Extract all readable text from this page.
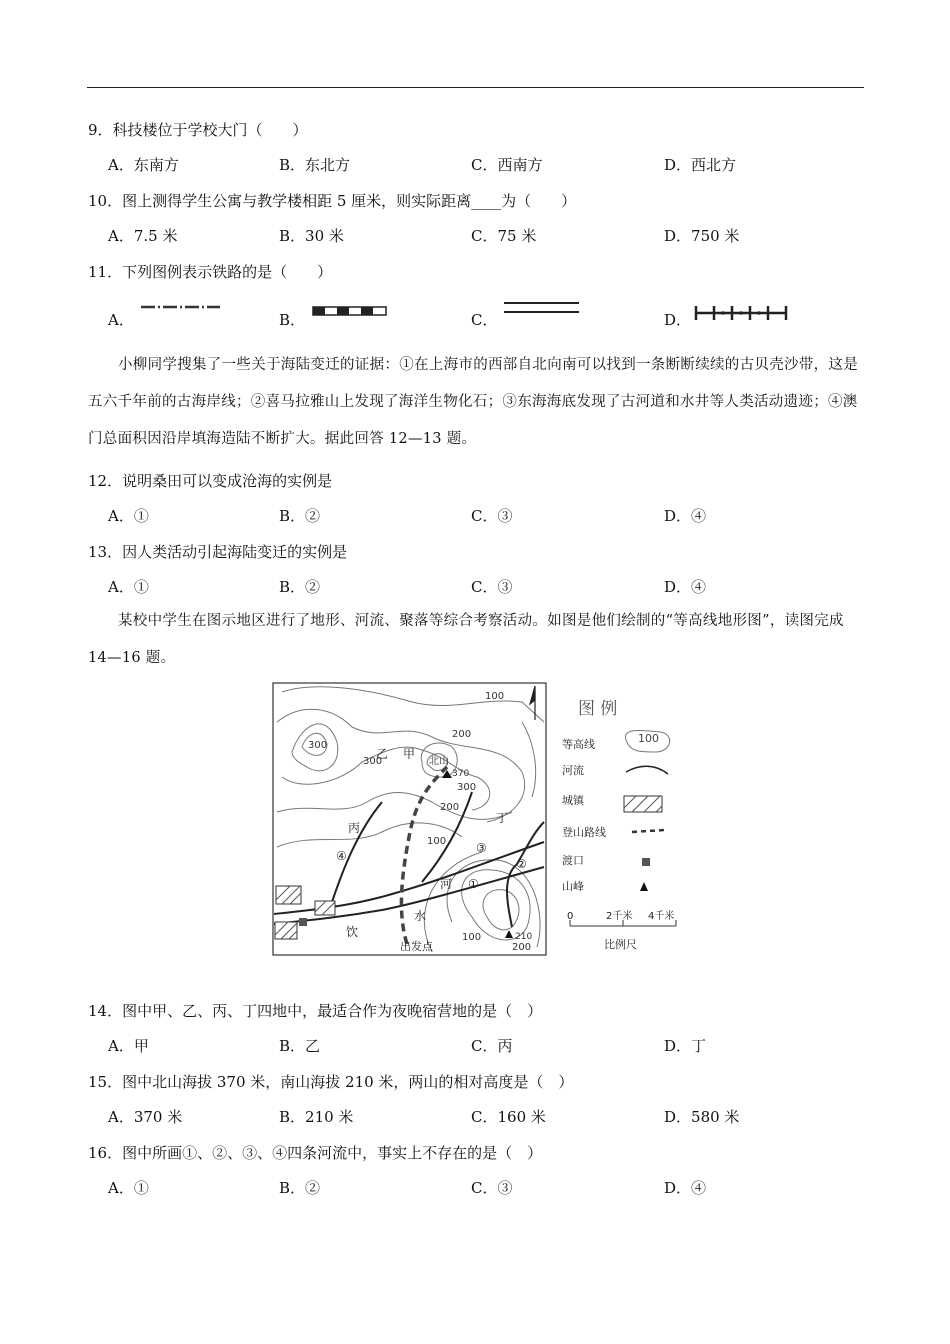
9．科技楼位于学校大门（　　）
A．东南方	B．东北方	C．西南方	D．西北方
10．图上测得学生公寓与教学楼相距 5 厘米，则实际距离____为（　　）
A．7.5 米	B．30 米	C．75 米	D．750 米
11．下列图例表示铁路的是（　　）
A．	B．	C．	D．
小柳同学搜集了一些关于海陆变迁的证据：①在上海市的西部自北向南可以找到一条断断续续的古贝壳沙带，这是五六千年前的古海岸线；②喜马拉雅山上发现了海洋生物化石；③东海海底发现了古河道和水井等人类活动遗迹；④澳门总面积因沿岸填海造陆不断扩大。据此回答 12—13 题。
12．说明桑田可以变成沧海的实例是
A．①	B．②	C．③	D．④
13．因人类活动引起海陆变迁的实例是
A．①	B．②	C．③	D．④
某校中学生在图示地区进行了地形、河流、聚落等综合考察活动。如图是他们绘制的“等高线地形图”，读图完成 14—16 题。
100
200
300
300
300
200
100
100
200
370
210
北山
乙 甲
丙
丁
河
水
饮
出发点
①
②
③
④
图 例
等高线
河流
城镇
登山路线
渡口
山峰
100
0	2千米 4千米
比例尺
14．图中甲、乙、丙、丁四地中，最适合作为夜晚宿营地的是（　）
A．甲	B．乙	C．丙	D．丁
15．图中北山海拔 370 米，南山海拔 210 米，两山的相对高度是（　）
A．370 米	B．210 米	C．160 米	D．580 米
16．图中所画①、②、③、④四条河流中，事实上不存在的是（　）
A．①	B．②	C．③	D．④
